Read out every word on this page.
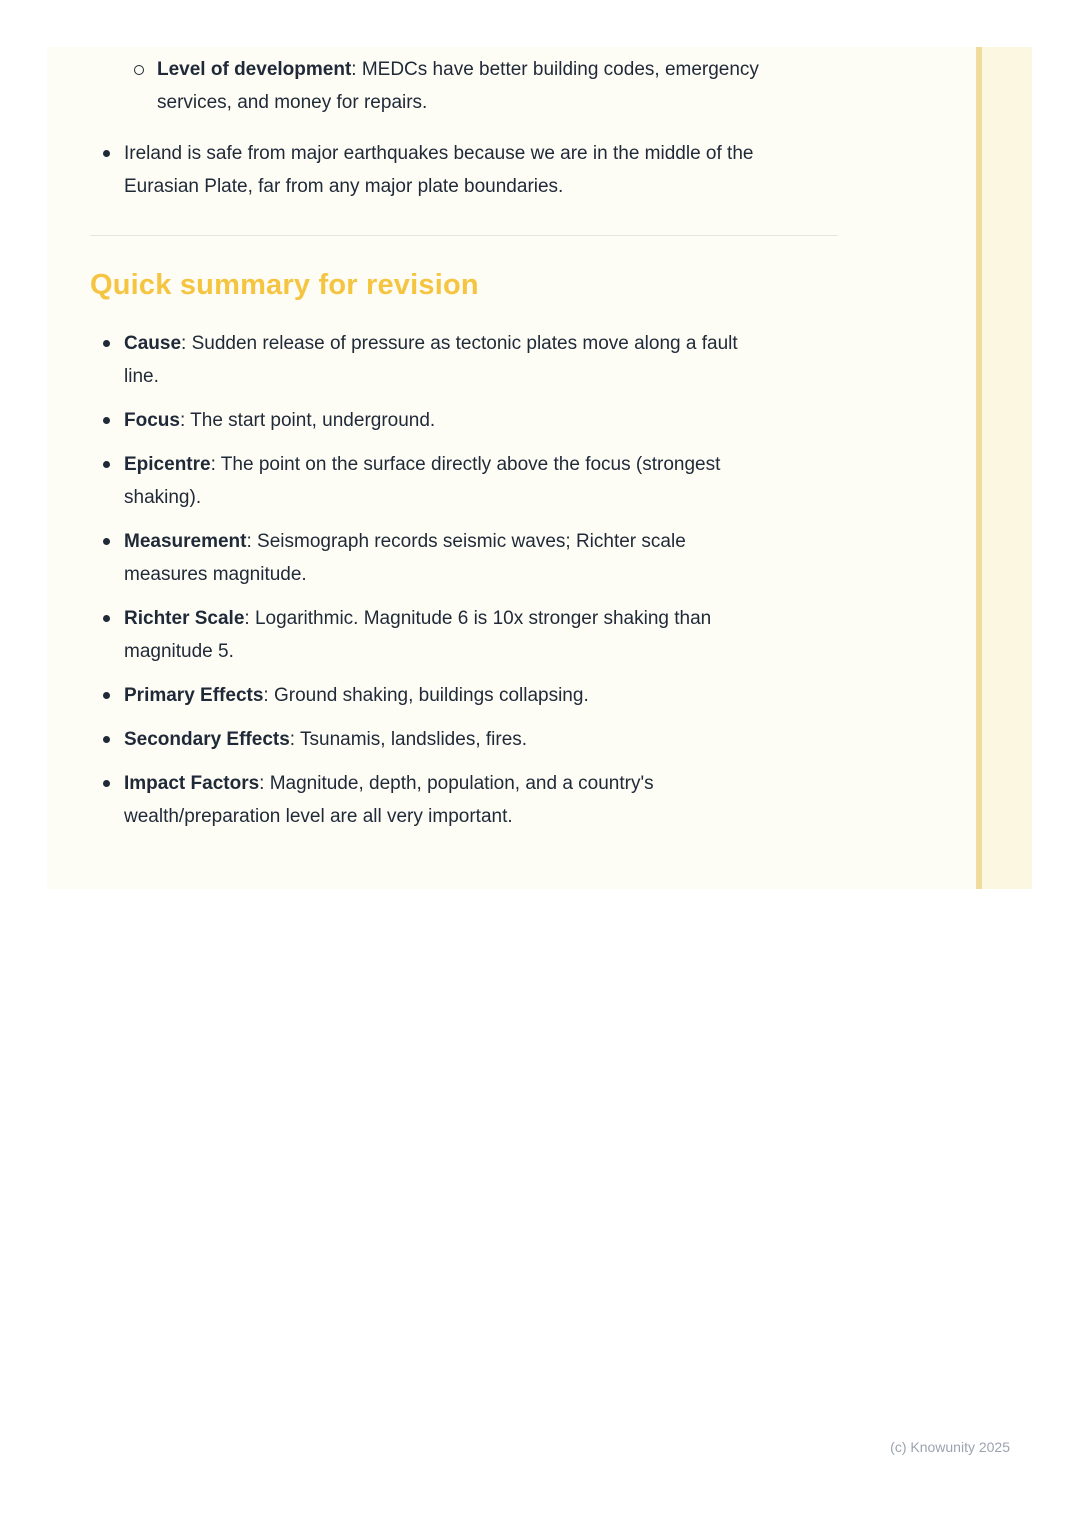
Level of development: MEDCs have better building codes, emergency
services, and money for repairs.
Ireland is safe from major earthquakes because we are in the middle of the
Eurasian Plate, far from any major plate boundaries.
Quick summary for revision
Cause: Sudden release of pressure as tectonic plates move along a fault
line.
Focus: The start point, underground.
Epicentre: The point on the surface directly above the focus (strongest
shaking).
Measurement: Seismograph records seismic waves; Richter scale
measures magnitude.
Richter Scale: Logarithmic. Magnitude 6 is 10x stronger shaking than
magnitude 5.
Primary Effects: Ground shaking, buildings collapsing.
Secondary Effects: Tsunamis, landslides, fires.
Impact Factors: Magnitude, depth, population, and a country's
wealth/preparation level are all very important.
(c) Knowunity 2025
